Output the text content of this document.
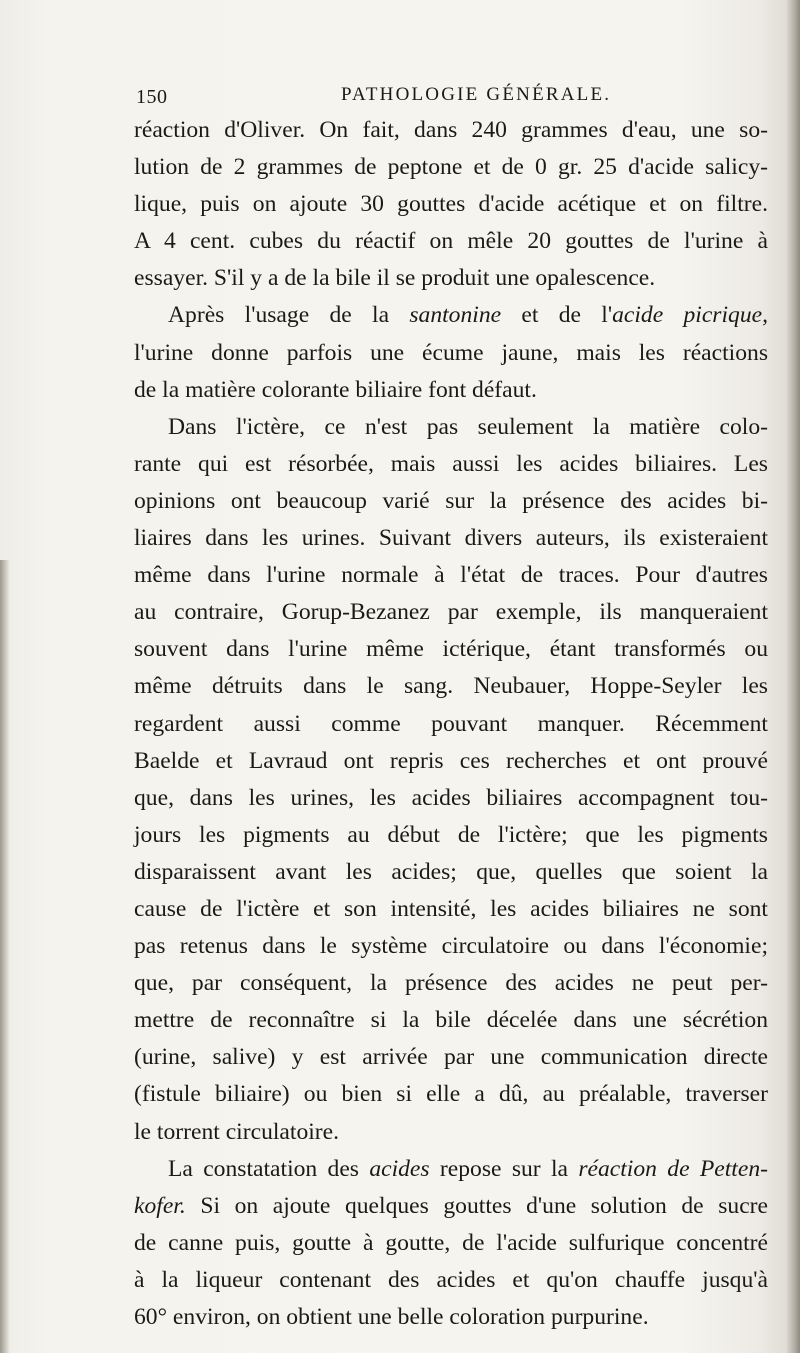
150	PATHOLOGIE GÉNÉRALE.
réaction d'Oliver. On fait, dans 240 grammes d'eau, une so-
lution de 2 grammes de peptone et de 0 gr. 25 d'acide salicy-
lique, puis on ajoute 30 gouttes d'acide acétique et on filtre.
A 4 cent. cubes du réactif on mêle 20 gouttes de l'urine à
essayer. S'il y a de la bile il se produit une opalescence.
Après l'usage de la santonine et de l'acide picrique,
l'urine donne parfois une écume jaune, mais les réactions
de la matière colorante biliaire font défaut.
Dans l'ictère, ce n'est pas seulement la matière colo-
rante qui est résorbée, mais aussi les acides biliaires. Les
opinions ont beaucoup varié sur la présence des acides bi-
liaires dans les urines. Suivant divers auteurs, ils existeraient
même dans l'urine normale à l'état de traces. Pour d'autres
au contraire, Gorup-Bezanez par exemple, ils manqueraient
souvent dans l'urine même ictérique, étant transformés ou
même détruits dans le sang. Neubauer, Hoppe-Seyler les
regardent aussi comme pouvant manquer. Récemment
Baelde et Lavraud ont repris ces recherches et ont prouvé
que, dans les urines, les acides biliaires accompagnent tou-
jours les pigments au début de l'ictère; que les pigments
disparaissent avant les acides; que, quelles que soient la
cause de l'ictère et son intensité, les acides biliaires ne sont
pas retenus dans le système circulatoire ou dans l'économie;
que, par conséquent, la présence des acides ne peut per-
mettre de reconnaître si la bile décelée dans une sécrétion
(urine, salive) y est arrivée par une communication directe
(fistule biliaire) ou bien si elle a dû, au préalable, traverser
le torrent circulatoire.
La constatation des acides repose sur la réaction de Petten-
kofer. Si on ajoute quelques gouttes d'une solution de sucre
de canne puis, goutte à goutte, de l'acide sulfurique concentré
à la liqueur contenant des acides et qu'on chauffe jusqu'à
60° environ, on obtient une belle coloration purpurine.
